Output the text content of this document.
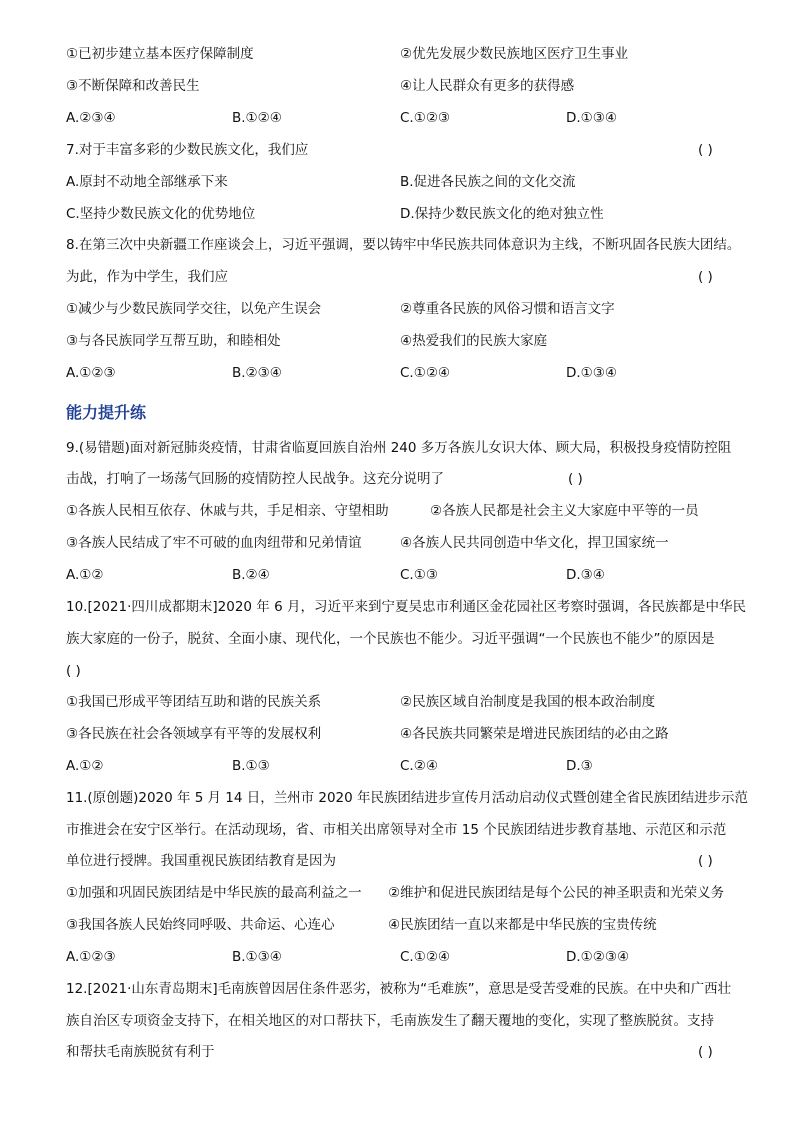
①已初步建立基本医疗保障制度	②优先发展少数民族地区医疗卫生事业
③不断保障和改善民生	④让人民群众有更多的获得感
A.②③④	B.①②④	C.①②③	D.①③④
7.对于丰富多彩的少数民族文化，我们应	( )
A.原封不动地全部继承下来	B.促进各民族之间的文化交流
C.坚持少数民族文化的优势地位	D.保持少数民族文化的绝对独立性
8.在第三次中央新疆工作座谈会上，习近平强调，要以铸牢中华民族共同体意识为主线，不断巩固各民族大团结。
为此，作为中学生，我们应	( )
①减少与少数民族同学交往，以免产生误会	②尊重各民族的风俗习惯和语言文字
③与各民族同学互帮互助，和睦相处	④热爱我们的民族大家庭
A.①②③	B.②③④	C.①②④	D.①③④
能力提升练
9.(易错题)面对新冠肺炎疫情，甘肃省临夏回族自治州 240 多万各族儿女识大体、顾大局，积极投身疫情防控阻
击战，打响了一场荡气回肠的疫情防控人民战争。这充分说明了	( )
①各族人民相互依存、休戚与共，手足相亲、守望相助	②各族人民都是社会主义大家庭中平等的一员
③各族人民结成了牢不可破的血肉纽带和兄弟情谊	④各族人民共同创造中华文化，捍卫国家统一
A.①②	B.②④	C.①③	D.③④
10.[2021·四川成都期末]2020 年 6 月，习近平来到宁夏吴忠市利通区金花园社区考察时强调，各民族都是中华民
族大家庭的一份子，脱贫、全面小康、现代化，一个民族也不能少。习近平强调“一个民族也不能少”的原因是
( )
①我国已形成平等团结互助和谐的民族关系	②民族区域自治制度是我国的根本政治制度
③各民族在社会各领域享有平等的发展权利	④各民族共同繁荣是增进民族团结的必由之路
A.①②	B.①③	C.②④	D.③
11.(原创题)2020 年 5 月 14 日，兰州市 2020 年民族团结进步宣传月活动启动仪式暨创建全省民族团结进步示范
市推进会在安宁区举行。在活动现场，省、市相关出席领导对全市 15 个民族团结进步教育基地、示范区和示范
单位进行授牌。我国重视民族团结教育是因为	( )
①加强和巩固民族团结是中华民族的最高利益之一 ②维护和促进民族团结是每个公民的神圣职责和光荣义务
③我国各族人民始终同呼吸、共命运、心连心	④民族团结一直以来都是中华民族的宝贵传统
A.①②③	B.①③④	C.①②④	D.①②③④
12.[2021·山东青岛期末]毛南族曾因居住条件恶劣，被称为“毛难族”，意思是受苦受难的民族。在中央和广西壮
族自治区专项资金支持下，在相关地区的对口帮扶下，毛南族发生了翻天覆地的变化，实现了整族脱贫。支持
和帮扶毛南族脱贫有利于	( )
